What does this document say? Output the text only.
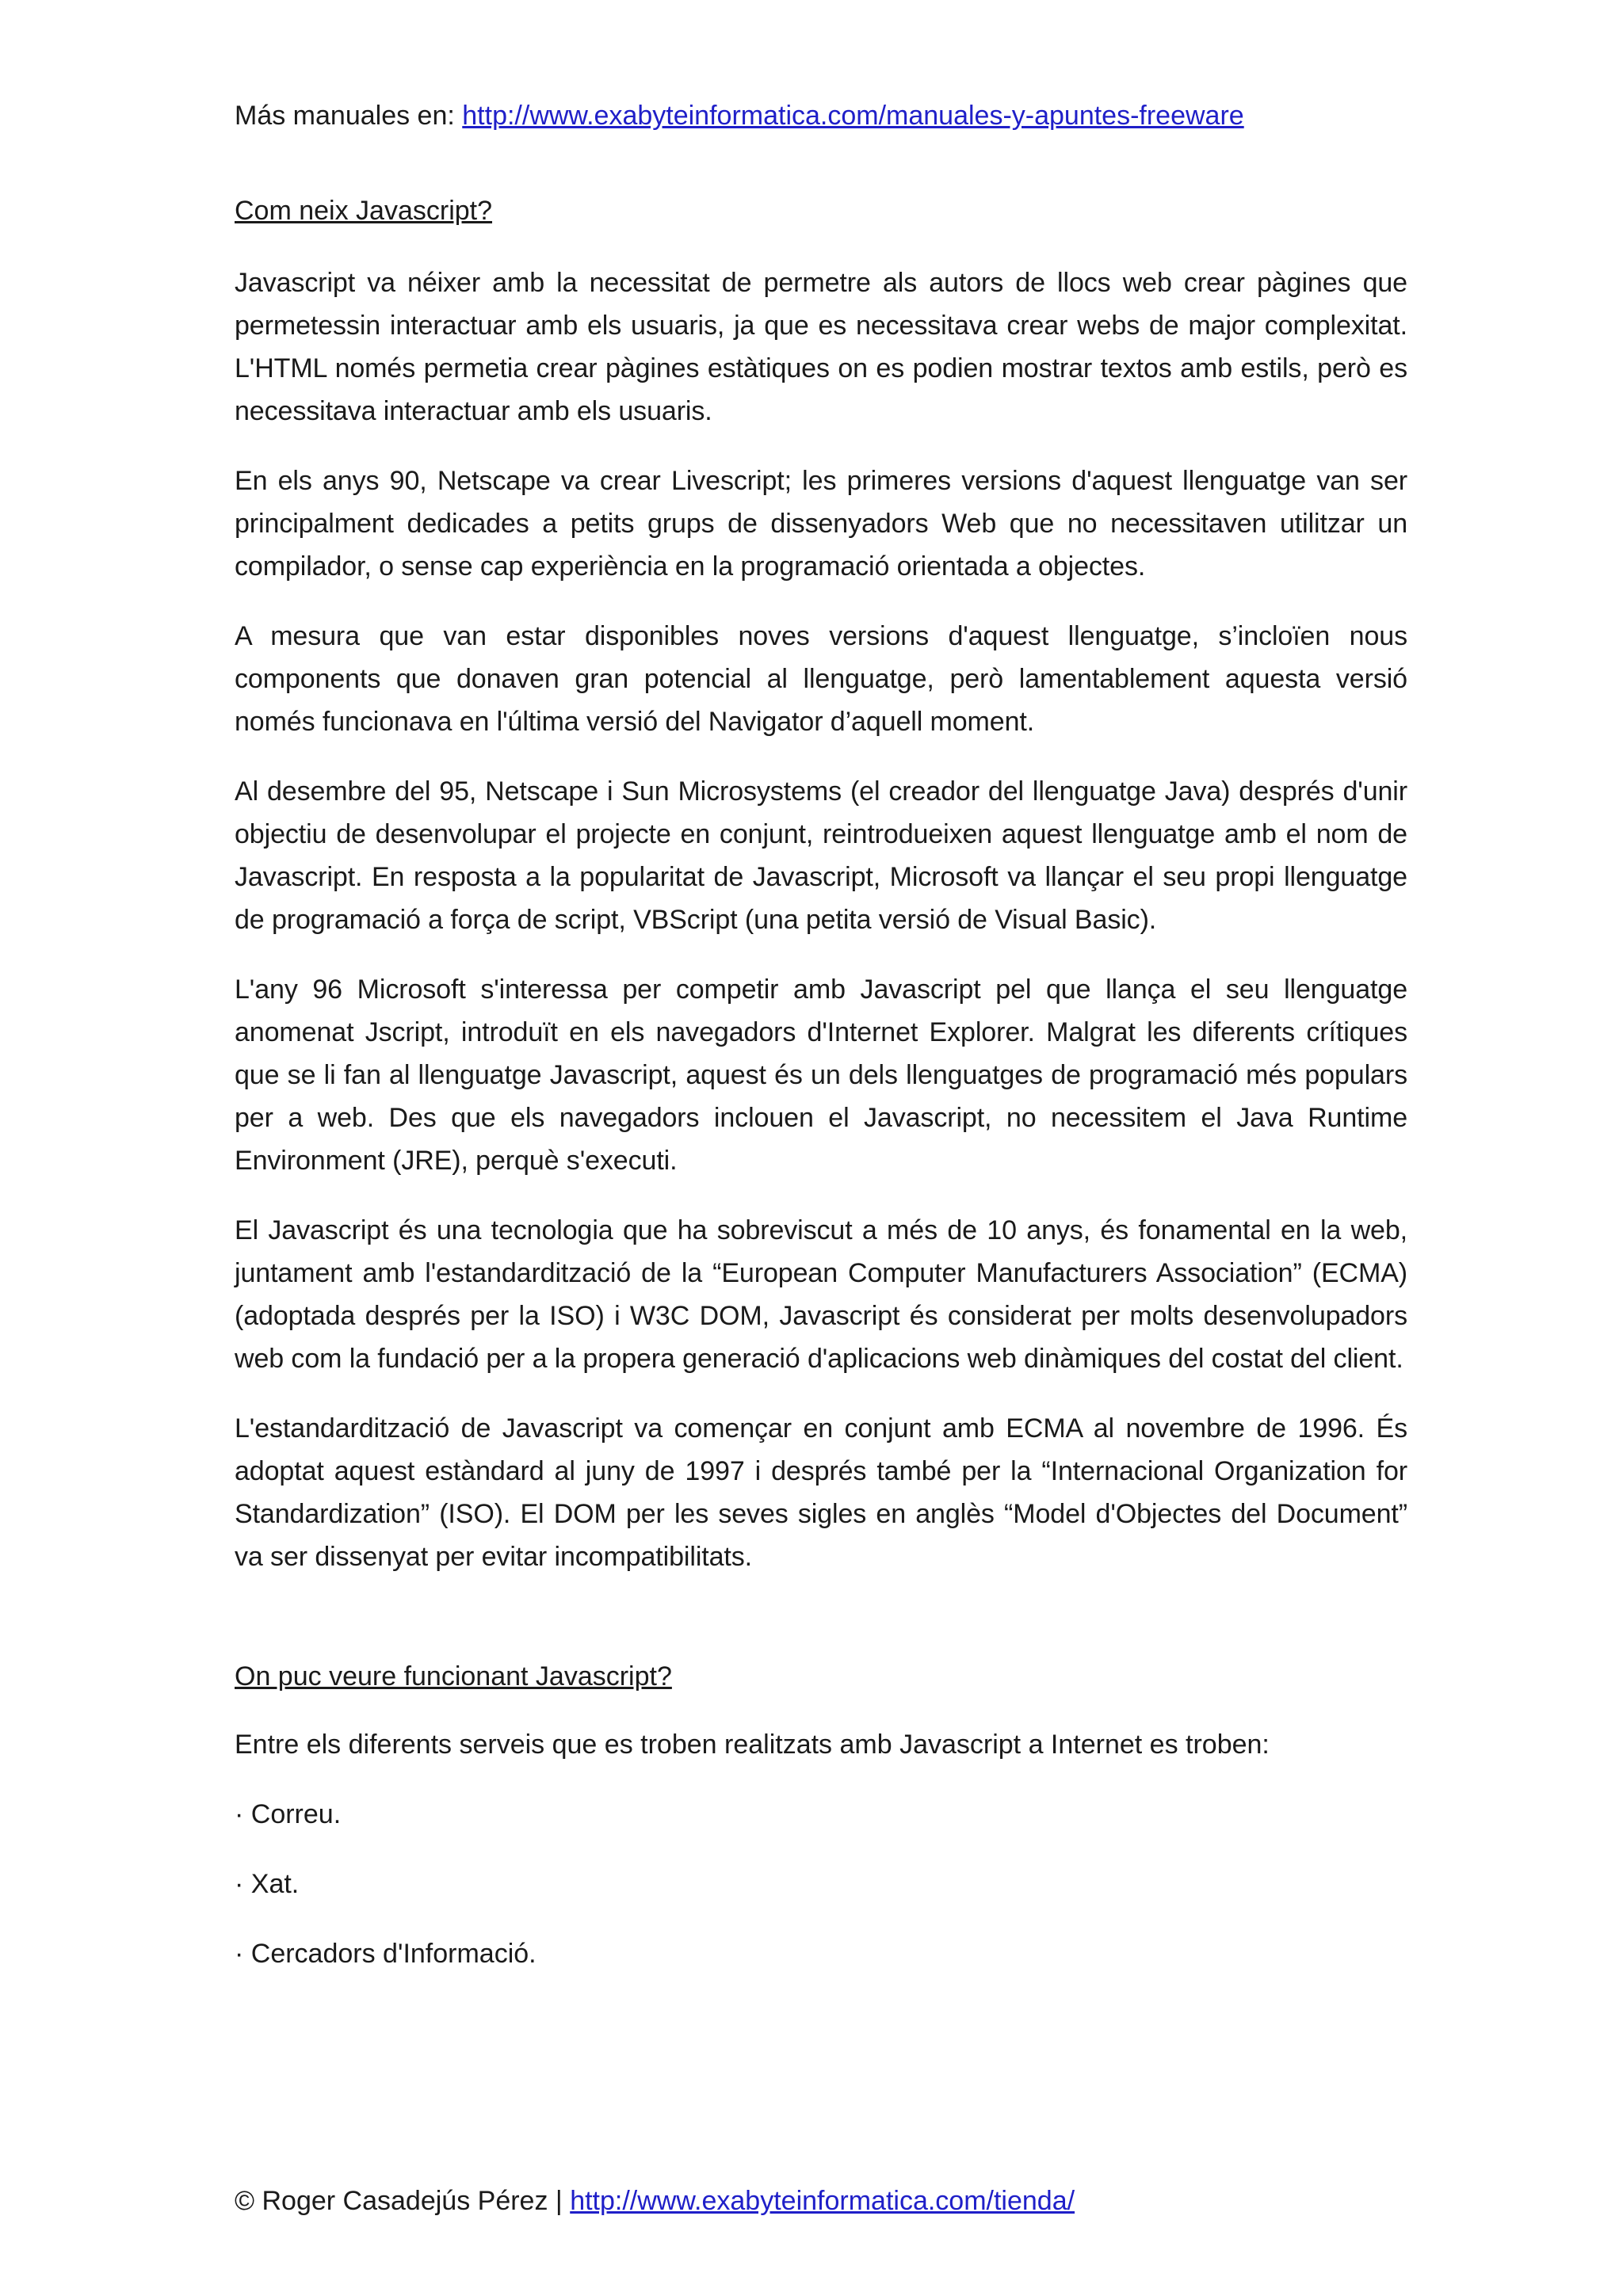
Más manuales en: http://www.exabyteinformatica.com/manuales-y-apuntes-freeware
Com neix Javascript?

Javascript va néixer amb la necessitat de permetre als autors de llocs web crear pàgines que permetessin interactuar amb els usuaris, ja que es necessitava crear webs de major complexitat. L'HTML només permetia crear pàgines estàtiques on es podien mostrar textos amb estils, però es necessitava interactuar amb els usuaris.

En els anys 90, Netscape va crear Livescript; les primeres versions d'aquest llenguatge van ser principalment dedicades a petits grups de dissenyadors Web que no necessitaven utilitzar un compilador, o sense cap experiència en la programació orientada a objectes.

A mesura que van estar disponibles noves versions d'aquest llenguatge, s’incloïen nous components que donaven gran potencial al llenguatge, però lamentablement aquesta versió només funcionava en l'última versió del Navigator d’aquell moment.

Al desembre del 95, Netscape i Sun Microsystems (el creador del llenguatge Java) després d'unir objectiu de desenvolupar el projecte en conjunt, reintrodueixen aquest llenguatge amb el nom de Javascript. En resposta a la popularitat de Javascript, Microsoft va llançar el seu propi llenguatge de programació a força de script, VBScript (una petita versió de Visual Basic).

L'any 96 Microsoft s'interessa per competir amb Javascript pel que llança el seu llenguatge anomenat Jscript, introduït en els navegadors d'Internet Explorer. Malgrat les diferents crítiques que se li fan al llenguatge Javascript, aquest és un dels llenguatges de programació més populars per a web. Des que els navegadors inclouen el Javascript, no necessitem el Java Runtime Environment (JRE), perquè s'executi.

El Javascript és una tecnologia que ha sobreviscut a més de 10 anys, és fonamental en la web, juntament amb l'estandardització de la “European Computer Manufacturers Association” (ECMA) (adoptada després per la ISO) i W3C DOM, Javascript és considerat per molts desenvolupadors web com la fundació per a la propera generació d'aplicacions web dinàmiques del costat del client.

L'estandardització de Javascript va començar en conjunt amb ECMA al novembre de 1996. És adoptat aquest estàndard al juny de 1997 i després també per la “Internacional Organization for Standardization” (ISO). El DOM per les seves sigles en anglès “Model d'Objectes del Document” va ser dissenyat per evitar incompatibilitats.

On puc veure funcionant Javascript?
Entre els diferents serveis que es troben realitzats amb Javascript a Internet es troben:
· Correu.
· Xat.
· Cercadors d'Informació.
© Roger Casadejús Pérez | http://www.exabyteinformatica.com/tienda/
